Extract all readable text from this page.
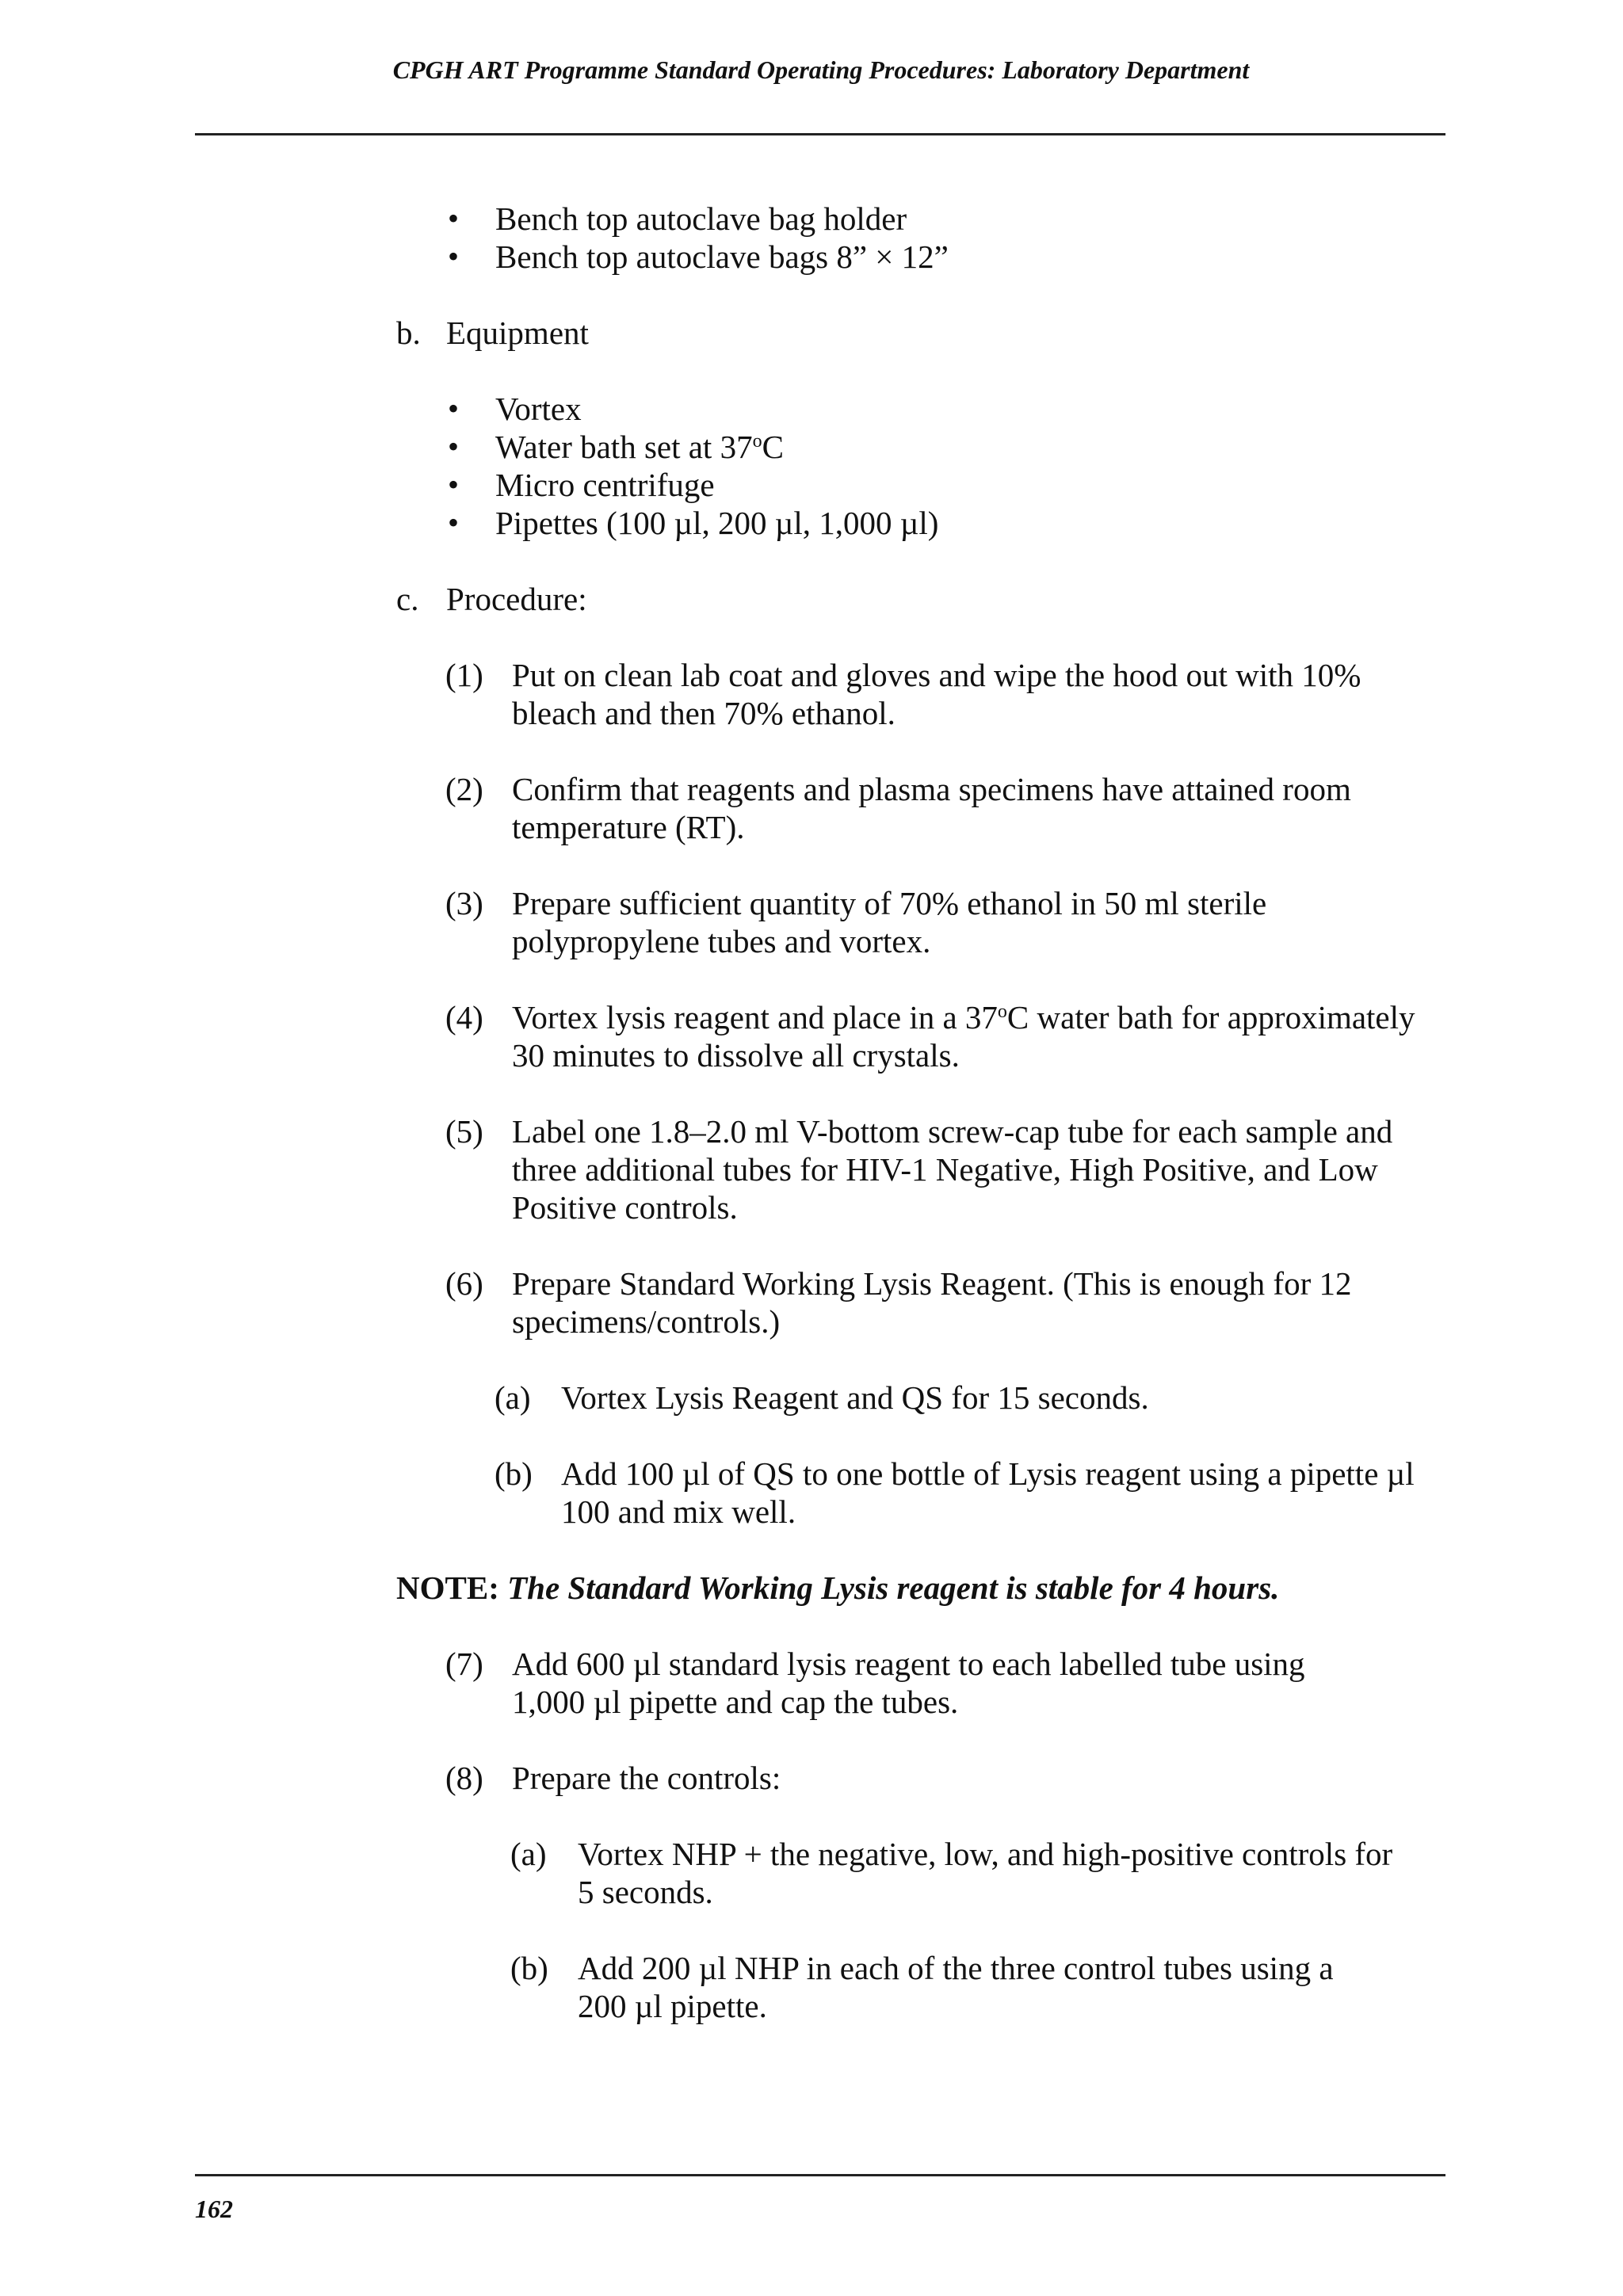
CPGH ART Programme Standard Operating Procedures: Laboratory Department
• Bench top autoclave bag holder
• Bench top autoclave bags 8” × 12”
b. Equipment
• Vortex
• Water bath set at 37$^o$C
• Micro centrifuge
• Pipettes (100 µl, 200 µl, 1,000 µl)
c. Procedure:
(1) Put on clean lab coat and gloves and wipe the hood out with 10%
bleach and then 70% ethanol.
(2) Confirm that reagents and plasma specimens have attained room
temperature (RT).
(3) Prepare sufficient quantity of 70% ethanol in 50 ml sterile
polypropylene tubes and vortex.
(4) Vortex lysis reagent and place in a 37$^o$C water bath for approximately
30 minutes to dissolve all crystals.
(5) Label one 1.8–2.0 ml V-bottom screw-cap tube for each sample and
three additional tubes for HIV-1 Negative, High Positive, and Low
Positive controls.
(6) Prepare Standard Working Lysis Reagent. (This is enough for 12
specimens/controls.)
(a) Vortex Lysis Reagent and QS for 15 seconds.
(b) Add 100 µl of QS to one bottle of Lysis reagent using a pipette µl
100 and mix well.
NOTE: The Standard Working Lysis reagent is stable for 4 hours.
(7) Add 600 µl standard lysis reagent to each labelled tube using
1,000 µl pipette and cap the tubes.
(8) Prepare the controls:
(a) Vortex NHP + the negative, low, and high-positive controls for
5 seconds.
(b) Add 200 µl NHP in each of the three control tubes using a
200 µl pipette.
162
